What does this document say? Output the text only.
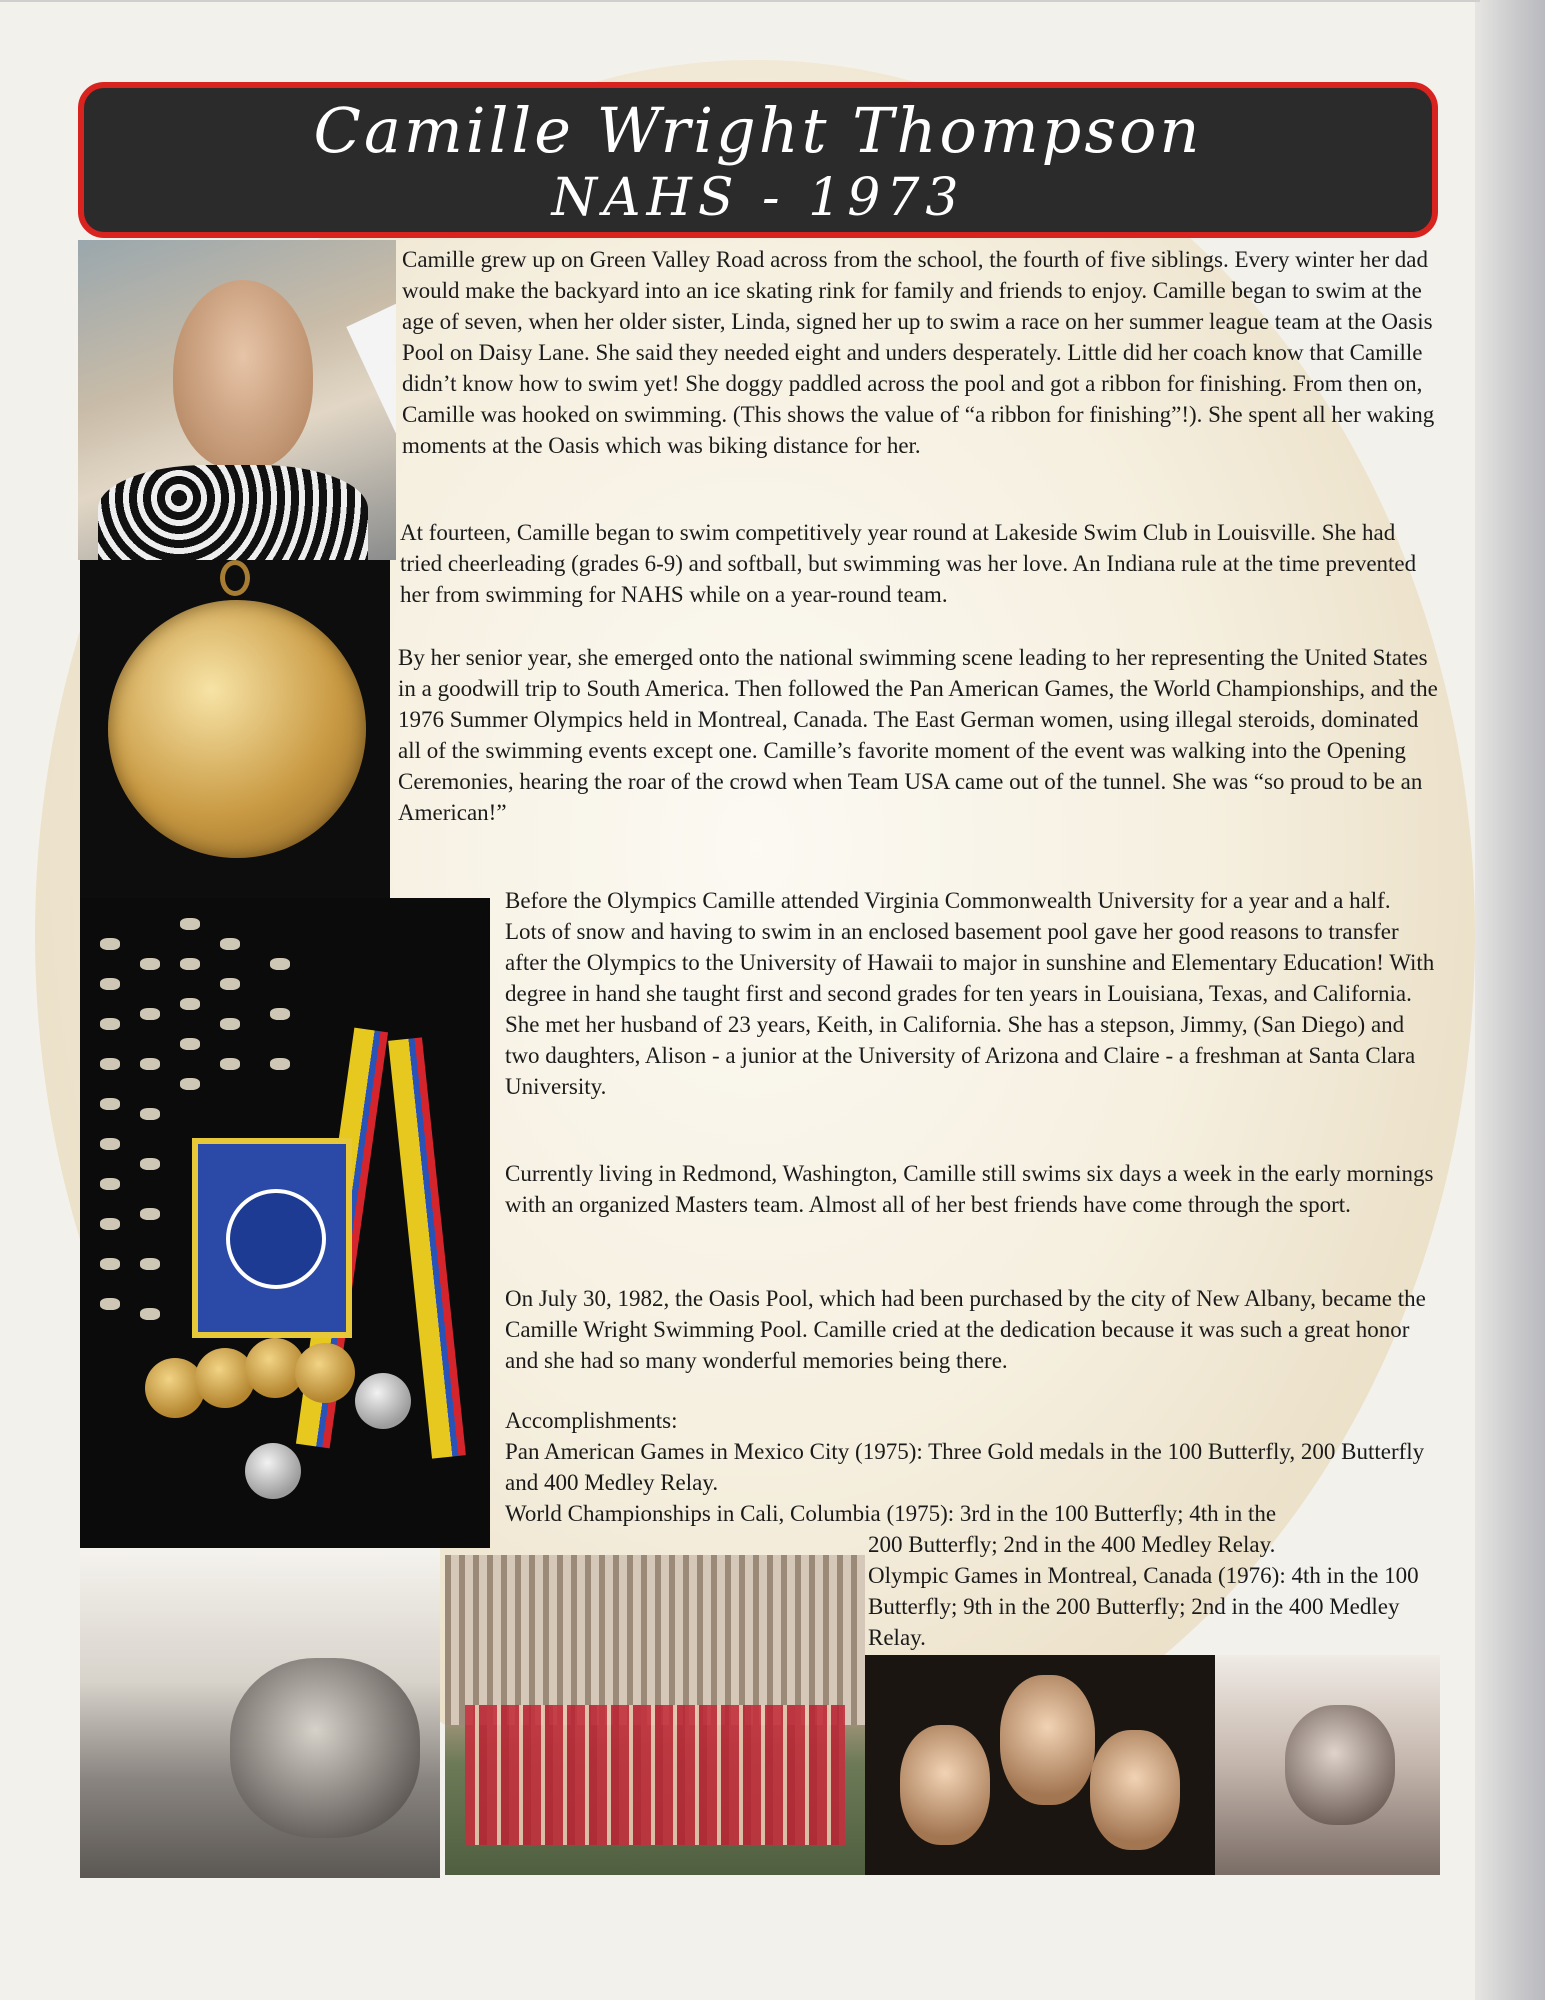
Camille Wright Thompson
NAHS - 1973

Camille grew up on Green Valley Road across from the school, the fourth of five siblings. Every winter her dad would make the backyard into an ice skating rink for family and friends to enjoy. Camille began to swim at the age of seven, when her older sister, Linda, signed her up to swim a race on her summer league team at the Oasis Pool on Daisy Lane. She said they needed eight and unders desperately. Little did her coach know that Camille didn’t know how to swim yet! She doggy paddled across the pool and got a ribbon for finishing. From then on, Camille was hooked on swimming. (This shows the value of “a ribbon for finishing”!). She spent all her waking moments at the Oasis which was biking distance for her.

At fourteen, Camille began to swim competitively year round at Lakeside Swim Club in Louisville. She had tried cheerleading (grades 6-9) and softball, but swimming was her love. An Indiana rule at the time prevented her from swimming for NAHS while on a year-round team.

By her senior year, she emerged onto the national swimming scene leading to her representing the United States in a goodwill trip to South America. Then followed the Pan American Games, the World Championships, and the 1976 Summer Olympics held in Montreal, Canada. The East German women, using illegal steroids, dominated all of the swimming events except one. Camille’s favorite moment of the event was walking into the Opening Ceremonies, hearing the roar of the crowd when Team USA came out of the tunnel. She was “so proud to be an American!”

Before the Olympics Camille attended Virginia Commonwealth University for a year and a half. Lots of snow and having to swim in an enclosed basement pool gave her good reasons to transfer after the Olympics to the University of Hawaii to major in sunshine and Elementary Education! With degree in hand she taught first and second grades for ten years in Louisiana, Texas, and California. She met her husband of 23 years, Keith, in California. She has a stepson, Jimmy, (San Diego) and two daughters, Alison - a junior at the University of Arizona and Claire - a freshman at Santa Clara University.

Currently living in Redmond, Washington, Camille still swims six days a week in the early mornings with an organized Masters team. Almost all of her best friends have come through the sport.

On July 30, 1982, the Oasis Pool, which had been purchased by the city of New Albany, became the Camille Wright Swimming Pool. Camille cried at the dedication because it was such a great honor and she had so many wonderful memories being there.

Accomplishments:
Pan American Games in Mexico City (1975): Three Gold medals in the 100 Butterfly, 200 Butterfly and 400 Medley Relay.
World Championships in Cali, Columbia (1975): 3rd in the 100 Butterfly; 4th in the
200 Butterfly; 2nd in the 400 Medley Relay.
Olympic Games in Montreal, Canada (1976): 4th in the 100 Butterfly; 9th in the 200 Butterfly; 2nd in the 400 Medley Relay.
